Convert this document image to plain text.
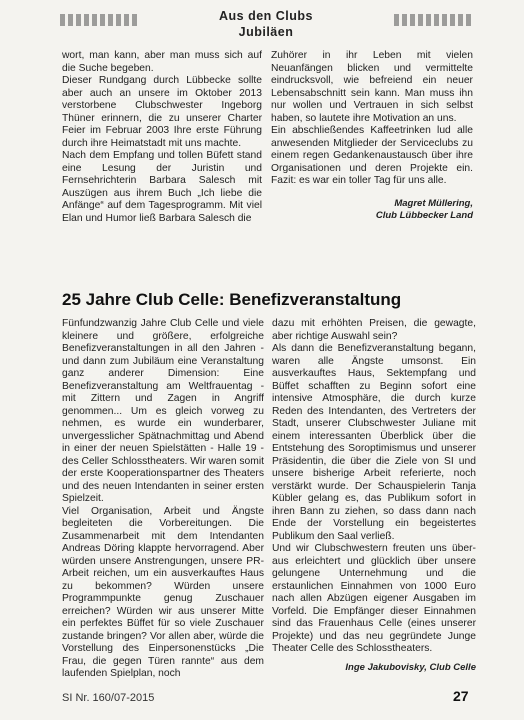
Aus den Clubs
Jubiläen

wort, man kann, aber man muss sich auf die Suche begeben.

Dieser Rundgang durch Lübbecke sollte aber auch an unsere im Oktober 2013 verstorbene Clubschwester Ingeborg Thüner erinnern, die zu unserer Charter Feier im Februar 2003 Ihre erste Führung durch ihre Heimatstadt mit uns machte.

Nach dem Empfang und tollen Büfett stand eine Lesung der Juristin und Fernsehrichterin Barbara Salesch mit Auszügen aus ihrem Buch „Ich liebe die Anfänge“ auf dem Tagesprogramm. Mit viel Elan und Humor ließ Barbara Salesch die

Zuhörer in ihr Leben mit vielen Neuanfängen blicken und vermittelte eindrucksvoll, wie befreiend ein neuer Lebensabschnitt sein kann. Man muss ihn nur wollen und Vertrauen in sich selbst haben, so lautete ihre Motivation an uns.

Ein abschließendes Kaffeetrinken lud alle anwesenden Mitglieder der Serviceclubs zu einem regen Gedankenaustausch über ihre Organisationen und deren Projekte ein. Fazit: es war ein toller Tag für uns alle.

Magret Müllering,
Club Lübbecker Land
25 Jahre Club Celle: Benefizveranstaltung

Fünfundzwanzig Jahre Club Celle und viele kleinere und größere, erfolgreiche Benefizveranstaltungen in all den Jahren - und dann zum Jubiläum eine Veranstaltung ganz anderer Dimension: Eine Benefizveranstaltung am Weltfrauentag - mit Zittern und Zagen in Angriff genommen... Um es gleich vorweg zu nehmen, es wurde ein wunderbarer, unvergesslicher Spätnachmittag und Abend in einer der neuen Spielstätten - Halle 19 - des Celler Schlosstheaters. Wir waren somit der erste Kooperationspartner des Theaters und des neuen Intendanten in seiner ersten Spielzeit.

Viel Organisation, Arbeit und Ängste begleiteten die Vorbereitungen. Die Zusammenarbeit mit dem Intendanten Andreas Döring klappte hervorragend. Aber würden unsere Anstrengungen, unsere PR-Arbeit reichen, um ein ausverkauftes Haus zu bekommen? Würden unsere Programmpunkte genug Zuschauer erreichen? Würden wir aus unserer Mitte ein perfektes Büffet für so viele Zuschauer zustande bringen? Vor allen aber, würde die Vorstellung des Einpersonenstücks „Die Frau, die gegen Türen rannte“ aus dem laufenden Spielplan, noch

dazu mit erhöhten Preisen, die gewagte, aber richtige Auswahl sein?

Als dann die Benefizveranstaltung begann, waren alle Ängste umsonst. Ein ausverkauftes Haus, Sektempfang und Büffet schafften zu Beginn sofort eine intensive Atmosphäre, die durch kurze Reden des Intendanten, des Vertreters der Stadt, unserer Clubschwester Juliane mit einem interessanten Überblick über die Entstehung des Soroptimismus und unserer Präsidentin, die über die Ziele von SI und unsere bisherige Arbeit referierte, noch verstärkt wurde. Der Schauspielerin Tanja Kübler gelang es, das Publikum sofort in ihren Bann zu ziehen, so dass dann nach Ende der Vorstellung ein begeistertes Publikum den Saal verließ.

Und wir Clubschwestern freuten uns über-aus erleichtert und glücklich über unsere gelungene Unternehmung und die erstaunlichen Einnahmen von 1000 Euro nach allen Abzügen eigener Ausgaben im Vorfeld. Die Empfänger dieser Einnahmen sind das Frauenhaus Celle (eines unserer Projekte) und das neu gegründete Junge Theater Celle des Schlosstheaters.

Inge Jakubovisky, Club Celle
SI Nr. 160/07-2015	27
